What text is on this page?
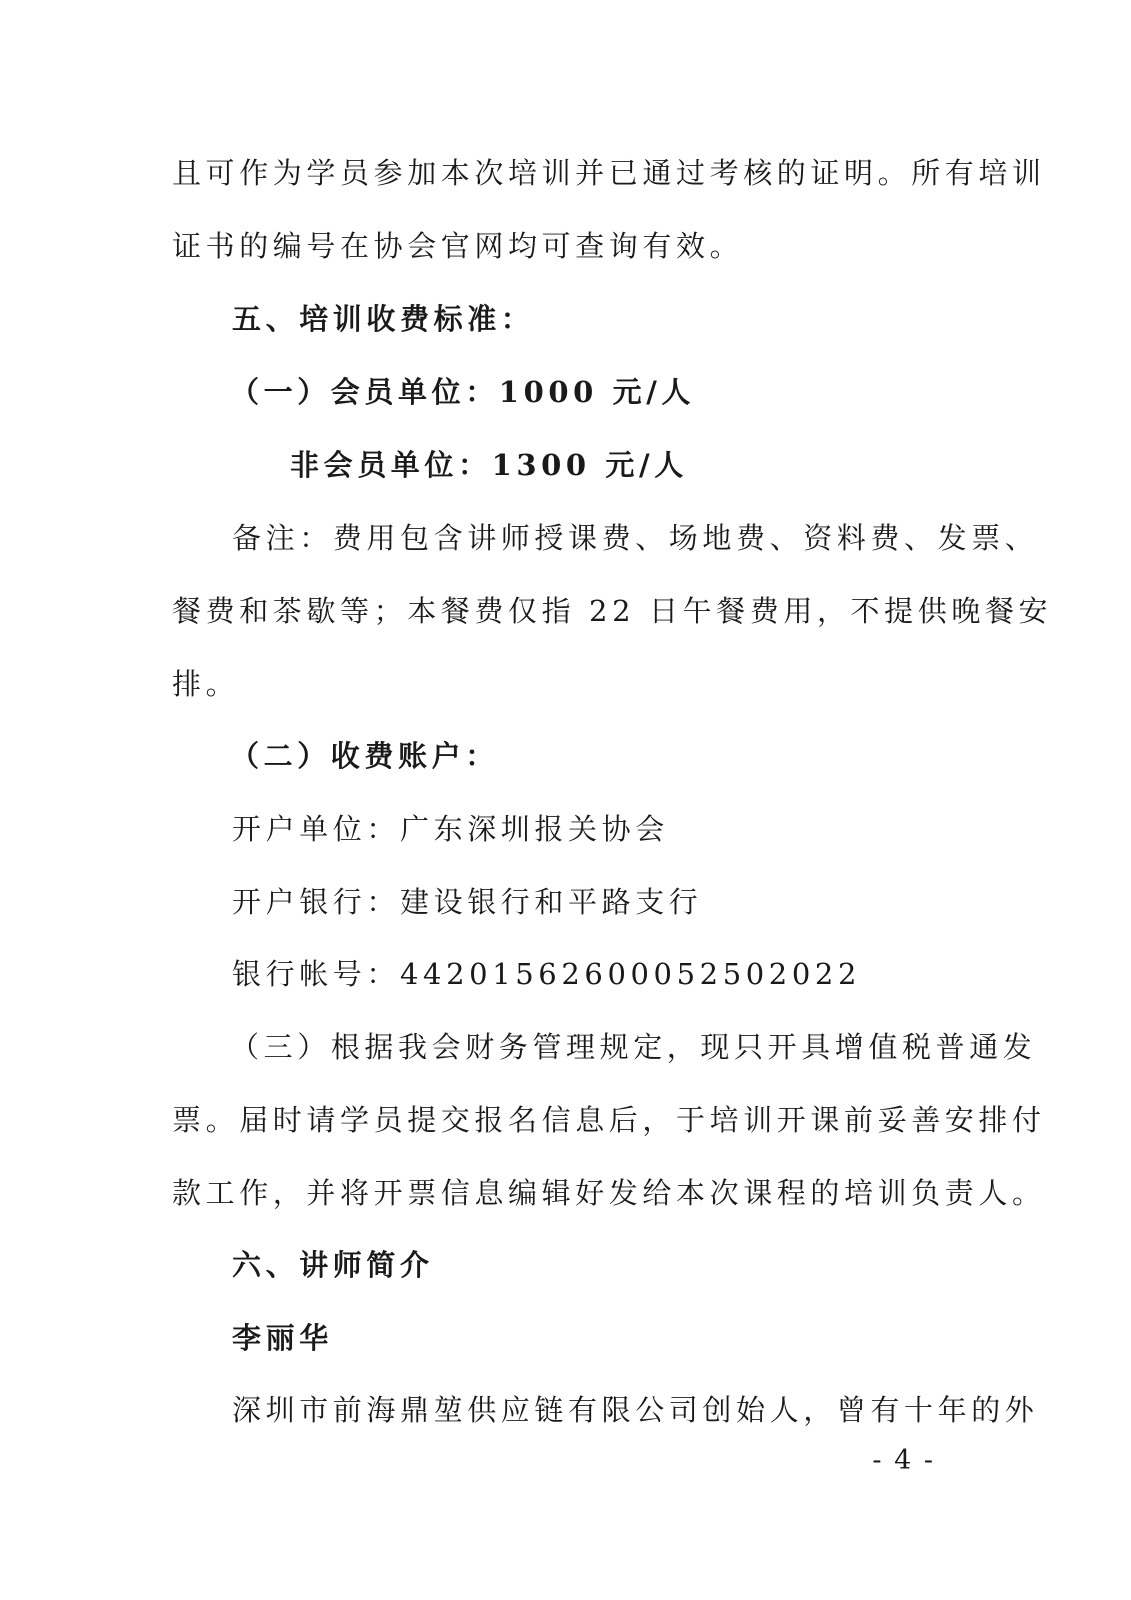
且可作为学员参加本次培训并已通过考核的证明。所有培训
证书的编号在协会官网均可查询有效。
五、培训收费标准：
（一）会员单位：1000 元/人
非会员单位：1300 元/人
备注：费用包含讲师授课费、场地费、资料费、发票、
餐费和茶歇等；本餐费仅指 22 日午餐费用，不提供晚餐安
排。
（二）收费账户：
开户单位：广东深圳报关协会
开户银行：建设银行和平路支行
银行帐号：44201562600052502022
（三）根据我会财务管理规定，现只开具增值税普通发
票。届时请学员提交报名信息后，于培训开课前妥善安排付
款工作，并将开票信息编辑好发给本次课程的培训负责人。
六、讲师简介
李丽华
深圳市前海鼎堃供应链有限公司创始人，曾有十年的外
- 4 -
